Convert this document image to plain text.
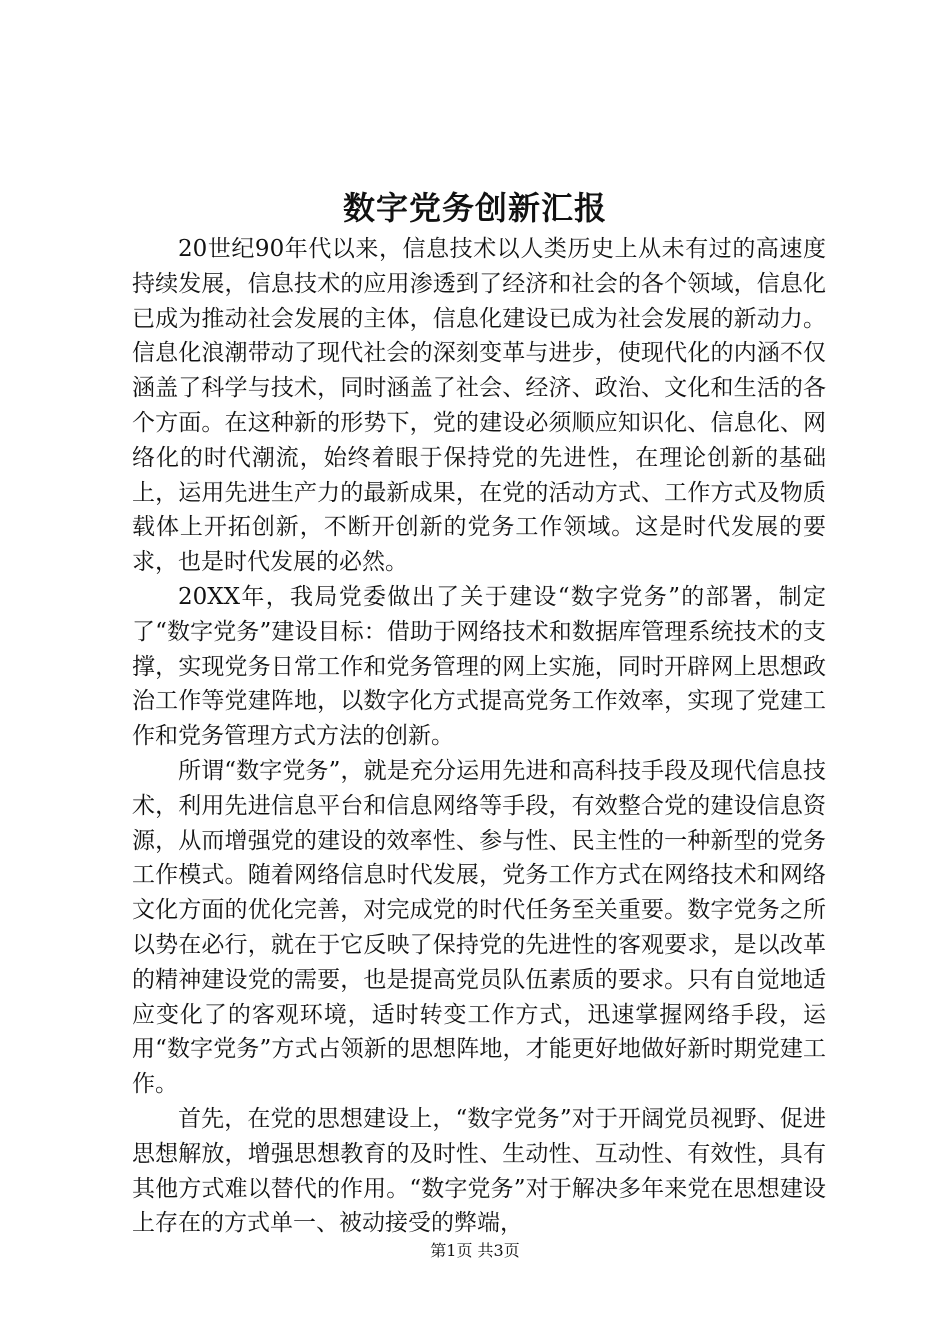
数字党务创新汇报

20世纪90年代以来，信息技术以人类历史上从未有过的高速度持续发展，信息技术的应用渗透到了经济和社会的各个领域，信息化已成为推动社会发展的主体，信息化建设已成为社会发展的新动力。信息化浪潮带动了现代社会的深刻变革与进步，使现代化的内涵不仅涵盖了科学与技术，同时涵盖了社会、经济、政治、文化和生活的各个方面。在这种新的形势下，党的建设必须顺应知识化、信息化、网络化的时代潮流，始终着眼于保持党的先进性，在理论创新的基础上，运用先进生产力的最新成果，在党的活动方式、工作方式及物质载体上开拓创新，不断开创新的党务工作领域。这是时代发展的要求，也是时代发展的必然。

20XX年，我局党委做出了关于建设“数字党务”的部署，制定了“数字党务”建设目标：借助于网络技术和数据库管理系统技术的支撑，实现党务日常工作和党务管理的网上实施，同时开辟网上思想政治工作等党建阵地，以数字化方式提高党务工作效率，实现了党建工作和党务管理方式方法的创新。

所谓“数字党务”，就是充分运用先进和高科技手段及现代信息技术，利用先进信息平台和信息网络等手段，有效整合党的建设信息资源，从而增强党的建设的效率性、参与性、民主性的一种新型的党务工作模式。随着网络信息时代发展，党务工作方式在网络技术和网络文化方面的优化完善，对完成党的时代任务至关重要。数字党务之所以势在必行，就在于它反映了保持党的先进性的客观要求，是以改革的精神建设党的需要，也是提高党员队伍素质的要求。只有自觉地适应变化了的客观环境，适时转变工作方式，迅速掌握网络手段，运用“数字党务”方式占领新的思想阵地，才能更好地做好新时期党建工作。

首先，在党的思想建设上，“数字党务”对于开阔党员视野、促进思想解放，增强思想教育的及时性、生动性、互动性、有效性，具有其他方式难以替代的作用。“数字党务”对于解决多年来党在思想建设上存在的方式单一、被动接受的弊端，

第1页 共3页
